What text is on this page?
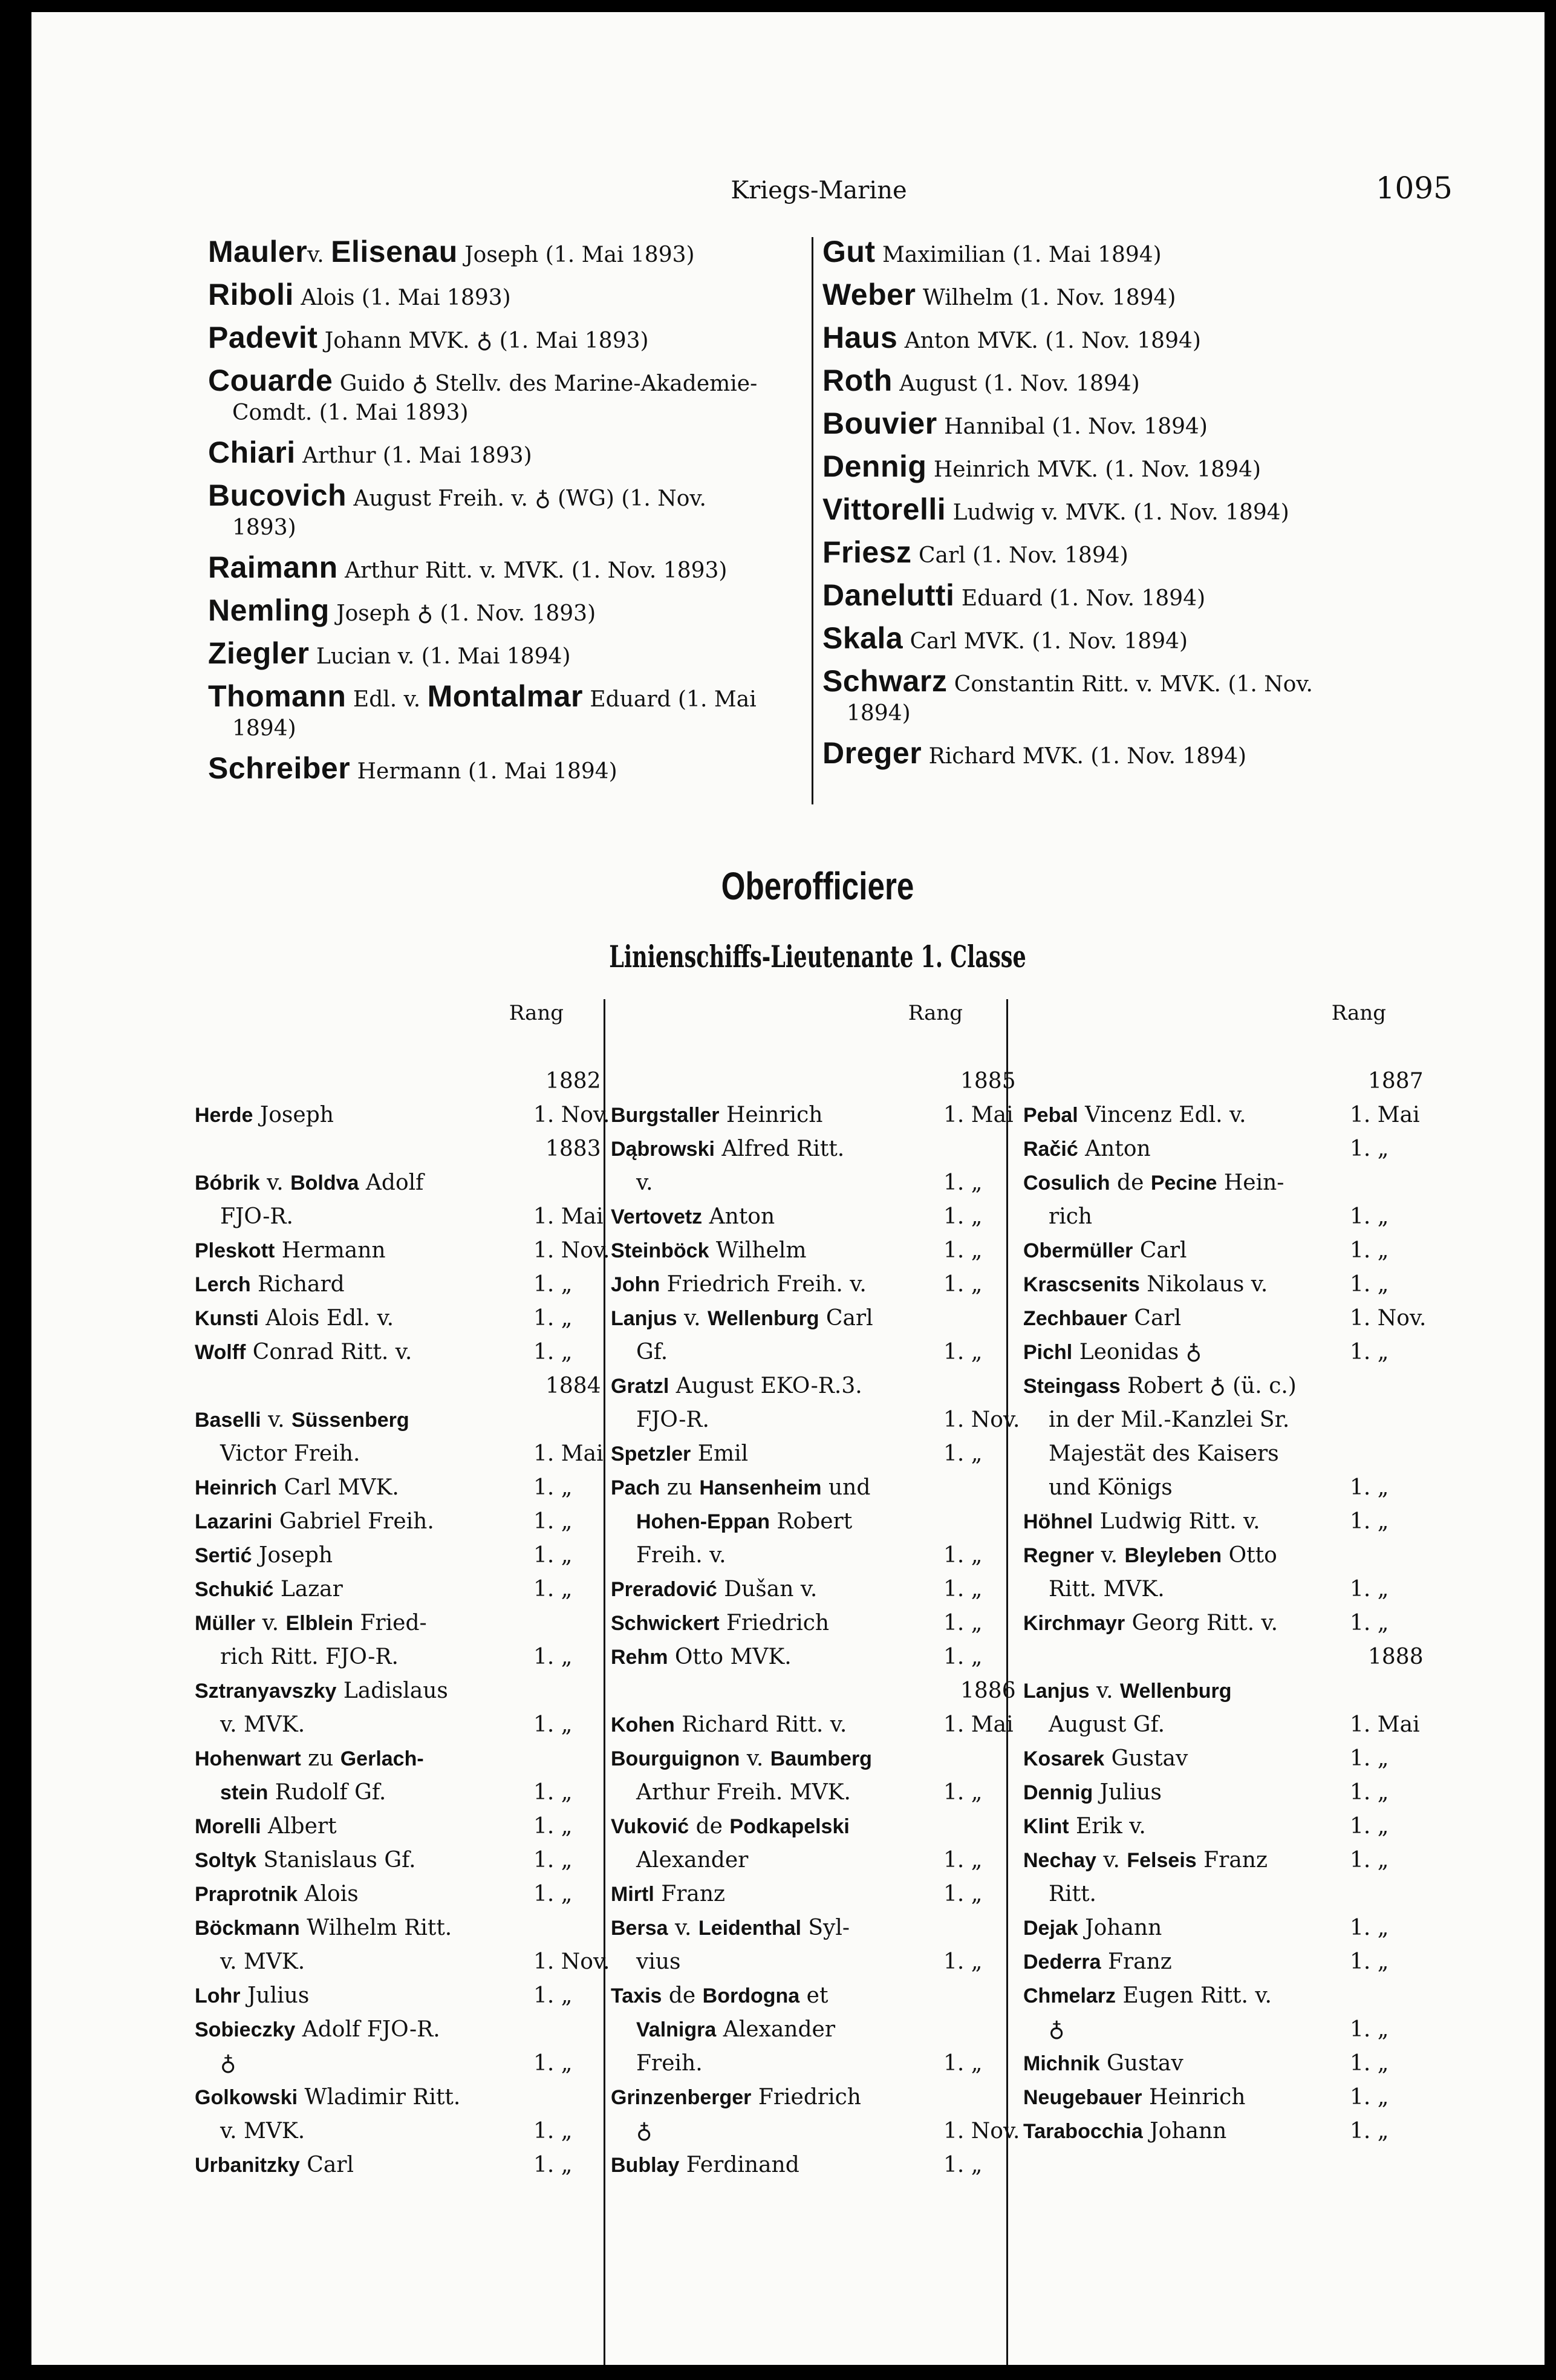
Kriegs-Marine	1095
Maulerv. Elisenau Joseph (1. Mai 1893)
Riboli Alois (1. Mai 1893)
Padevit Johann MVK. ♁ (1. Mai 1893)
Couarde Guido ♁ Stellv. des Marine-Akademie-
Comdt. (1. Mai 1893)
Chiari Arthur (1. Mai 1893)
Bucovich August Freih. v. ♁ (WG) (1. Nov.
1893)
Raimann Arthur Ritt. v. MVK. (1. Nov. 1893)
Nemling Joseph ♁ (1. Nov. 1893)
Ziegler Lucian v. (1. Mai 1894)
Thomann Edl. v. Montalmar Eduard (1. Mai
1894)
Schreiber Hermann (1. Mai 1894)
Gut Maximilian (1. Mai 1894)
Weber Wilhelm (1. Nov. 1894)
Haus Anton MVK. (1. Nov. 1894)
Roth August (1. Nov. 1894)
Bouvier Hannibal (1. Nov. 1894)
Dennig Heinrich MVK. (1. Nov. 1894)
Vittorelli Ludwig v. MVK. (1. Nov. 1894)
Friesz Carl (1. Nov. 1894)
Danelutti Eduard (1. Nov. 1894)
Skala Carl MVK. (1. Nov. 1894)
Schwarz Constantin Ritt. v. MVK. (1. Nov.
1894)
Dreger Richard MVK. (1. Nov. 1894)
Oberofficiere
Linienschiffs-Lieutenante 1. Classe
Rang	Rang	Rang
1882
Herde Joseph	1. Nov.
1883
Bóbrik v. Boldva Adolf
FJO-R.	1. Mai
Pleskott Hermann	1. Nov.
Lerch Richard	1. „
Kunsti Alois Edl. v.	1. „
Wolff Conrad Ritt. v.	1. „
1884
Baselli v. Süssenberg
Victor Freih.	1. Mai
Heinrich Carl MVK.	1. „
Lazarini Gabriel Freih.	1. „
Sertić Joseph	1. „
Schukić Lazar	1. „
Müller v. Elblein Fried-
rich Ritt. FJO-R.	1. „
Sztranyavszky Ladislaus
v. MVK.	1. „
Hohenwart zu Gerlach-
stein Rudolf Gf.	1. „
Morelli Albert	1. „
Soltyk Stanislaus Gf.	1. „
Praprotnik Alois	1. „
Böckmann Wilhelm Ritt.
v. MVK.	1. Nov.
Lohr Julius	1. „
Sobieczky Adolf FJO-R.
♁	1. „
Golkowski Wladimir Ritt.
v. MVK.	1. „
Urbanitzky Carl	1. „
1885
Burgstaller Heinrich	1. Mai
Dąbrowski Alfred Ritt.
v.	1. „
Vertovetz Anton	1. „
Steinböck Wilhelm	1. „
John Friedrich Freih. v.	1. „
Lanjus v. Wellenburg Carl
Gf.	1. „
Gratzl August EKO-R.3.
FJO-R.	1. Nov.
Spetzler Emil	1. „
Pach zu Hansenheim und
Hohen-Eppan Robert
Freih. v.	1. „
Preradović Dušan v.	1. „
Schwickert Friedrich	1. „
Rehm Otto MVK.	1. „
1886
Kohen Richard Ritt. v.	1. Mai
Bourguignon v. Baumberg
Arthur Freih. MVK.	1. „
Vuković de Podkapelski
Alexander	1. „
Mirtl Franz	1. „
Bersa v. Leidenthal Syl-
vius	1. „
Taxis de Bordogna et
Valnigra Alexander
Freih.	1. „
Grinzenberger Friedrich
♁	1. Nov.
Bublay Ferdinand	1. „
1887
Pebal Vincenz Edl. v.	1. Mai
Račić Anton	1. „
Cosulich de Pecine Hein-
rich	1. „
Obermüller Carl	1. „
Krascsenits Nikolaus v.	1. „
Zechbauer Carl	1. Nov.
Pichl Leonidas ♁	1. „
Steingass Robert ♁ (ü. c.)
in der Mil.-Kanzlei Sr.
Majestät des Kaisers
und Königs	1. „
Höhnel Ludwig Ritt. v.	1. „
Regner v. Bleyleben Otto
Ritt. MVK.	1. „
Kirchmayr Georg Ritt. v.	1. „
1888
Lanjus v. Wellenburg
August Gf.	1. Mai
Kosarek Gustav	1. „
Dennig Julius	1. „
Klint Erik v.	1. „
Nechay v. Felseis Franz	1. „
Ritt.
Dejak Johann	1. „
Dederra Franz	1. „
Chmelarz Eugen Ritt. v.
♁	1. „
Michnik Gustav	1. „
Neugebauer Heinrich	1. „
Tarabocchia Johann	1. „
